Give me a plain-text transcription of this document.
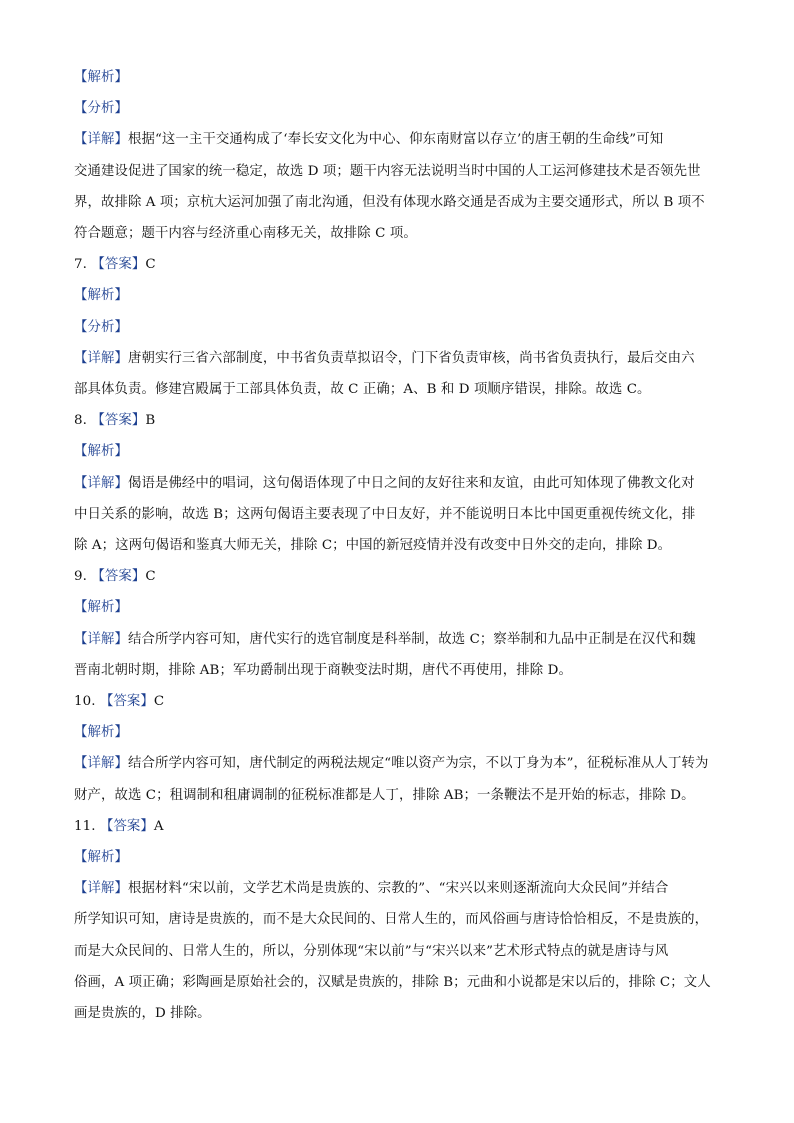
【解析】
【分析】
【详解】根据“这一主干交通构成了‘奉长安文化为中心、仰东南财富以存立’的唐王朝的生命线”可知
交通建设促进了国家的统一稳定，故选 D 项；题干内容无法说明当时中国的人工运河修建技术是否领先世
界，故排除 A 项；京杭大运河加强了南北沟通，但没有体现水路交通是否成为主要交通形式，所以 B 项不
符合题意；题干内容与经济重心南移无关，故排除 C 项。
7. 【答案】C
【解析】
【分析】
【详解】唐朝实行三省六部制度，中书省负责草拟诏令，门下省负责审核，尚书省负责执行，最后交由六
部具体负责。修建宫殿属于工部具体负责，故 C 正确；A、B 和 D 项顺序错误，排除。故选 C。
8. 【答案】B
【解析】
【详解】偈语是佛经中的唱词，这句偈语体现了中日之间的友好往来和友谊，由此可知体现了佛教文化对
中日关系的影响，故选 B；这两句偈语主要表现了中日友好，并不能说明日本比中国更重视传统文化，排
除 A；这两句偈语和鉴真大师无关，排除 C；中国的新冠疫情并没有改变中日外交的走向，排除 D。
9. 【答案】C
【解析】
【详解】结合所学内容可知，唐代实行的选官制度是科举制，故选 C；察举制和九品中正制是在汉代和魏
晋南北朝时期，排除 AB；军功爵制出现于商鞅变法时期，唐代不再使用，排除 D。
10. 【答案】C
【解析】
【详解】结合所学内容可知，唐代制定的两税法规定“唯以资产为宗，不以丁身为本”，征税标准从人丁转为
财产，故选 C；租调制和租庸调制的征税标准都是人丁，排除 AB；一条鞭法不是开始的标志，排除 D。
11. 【答案】A
【解析】
【详解】根据材料“宋以前，文学艺术尚是贵族的、宗教的”、“宋兴以来则逐渐流向大众民间”并结合
所学知识可知，唐诗是贵族的，而不是大众民间的、日常人生的，而风俗画与唐诗恰恰相反，不是贵族的，
而是大众民间的、日常人生的，所以，分别体现“宋以前”与“宋兴以来”艺术形式特点的就是唐诗与风
俗画，A 项正确；彩陶画是原始社会的，汉赋是贵族的，排除 B；元曲和小说都是宋以后的，排除 C；文人
画是贵族的，D 排除。
